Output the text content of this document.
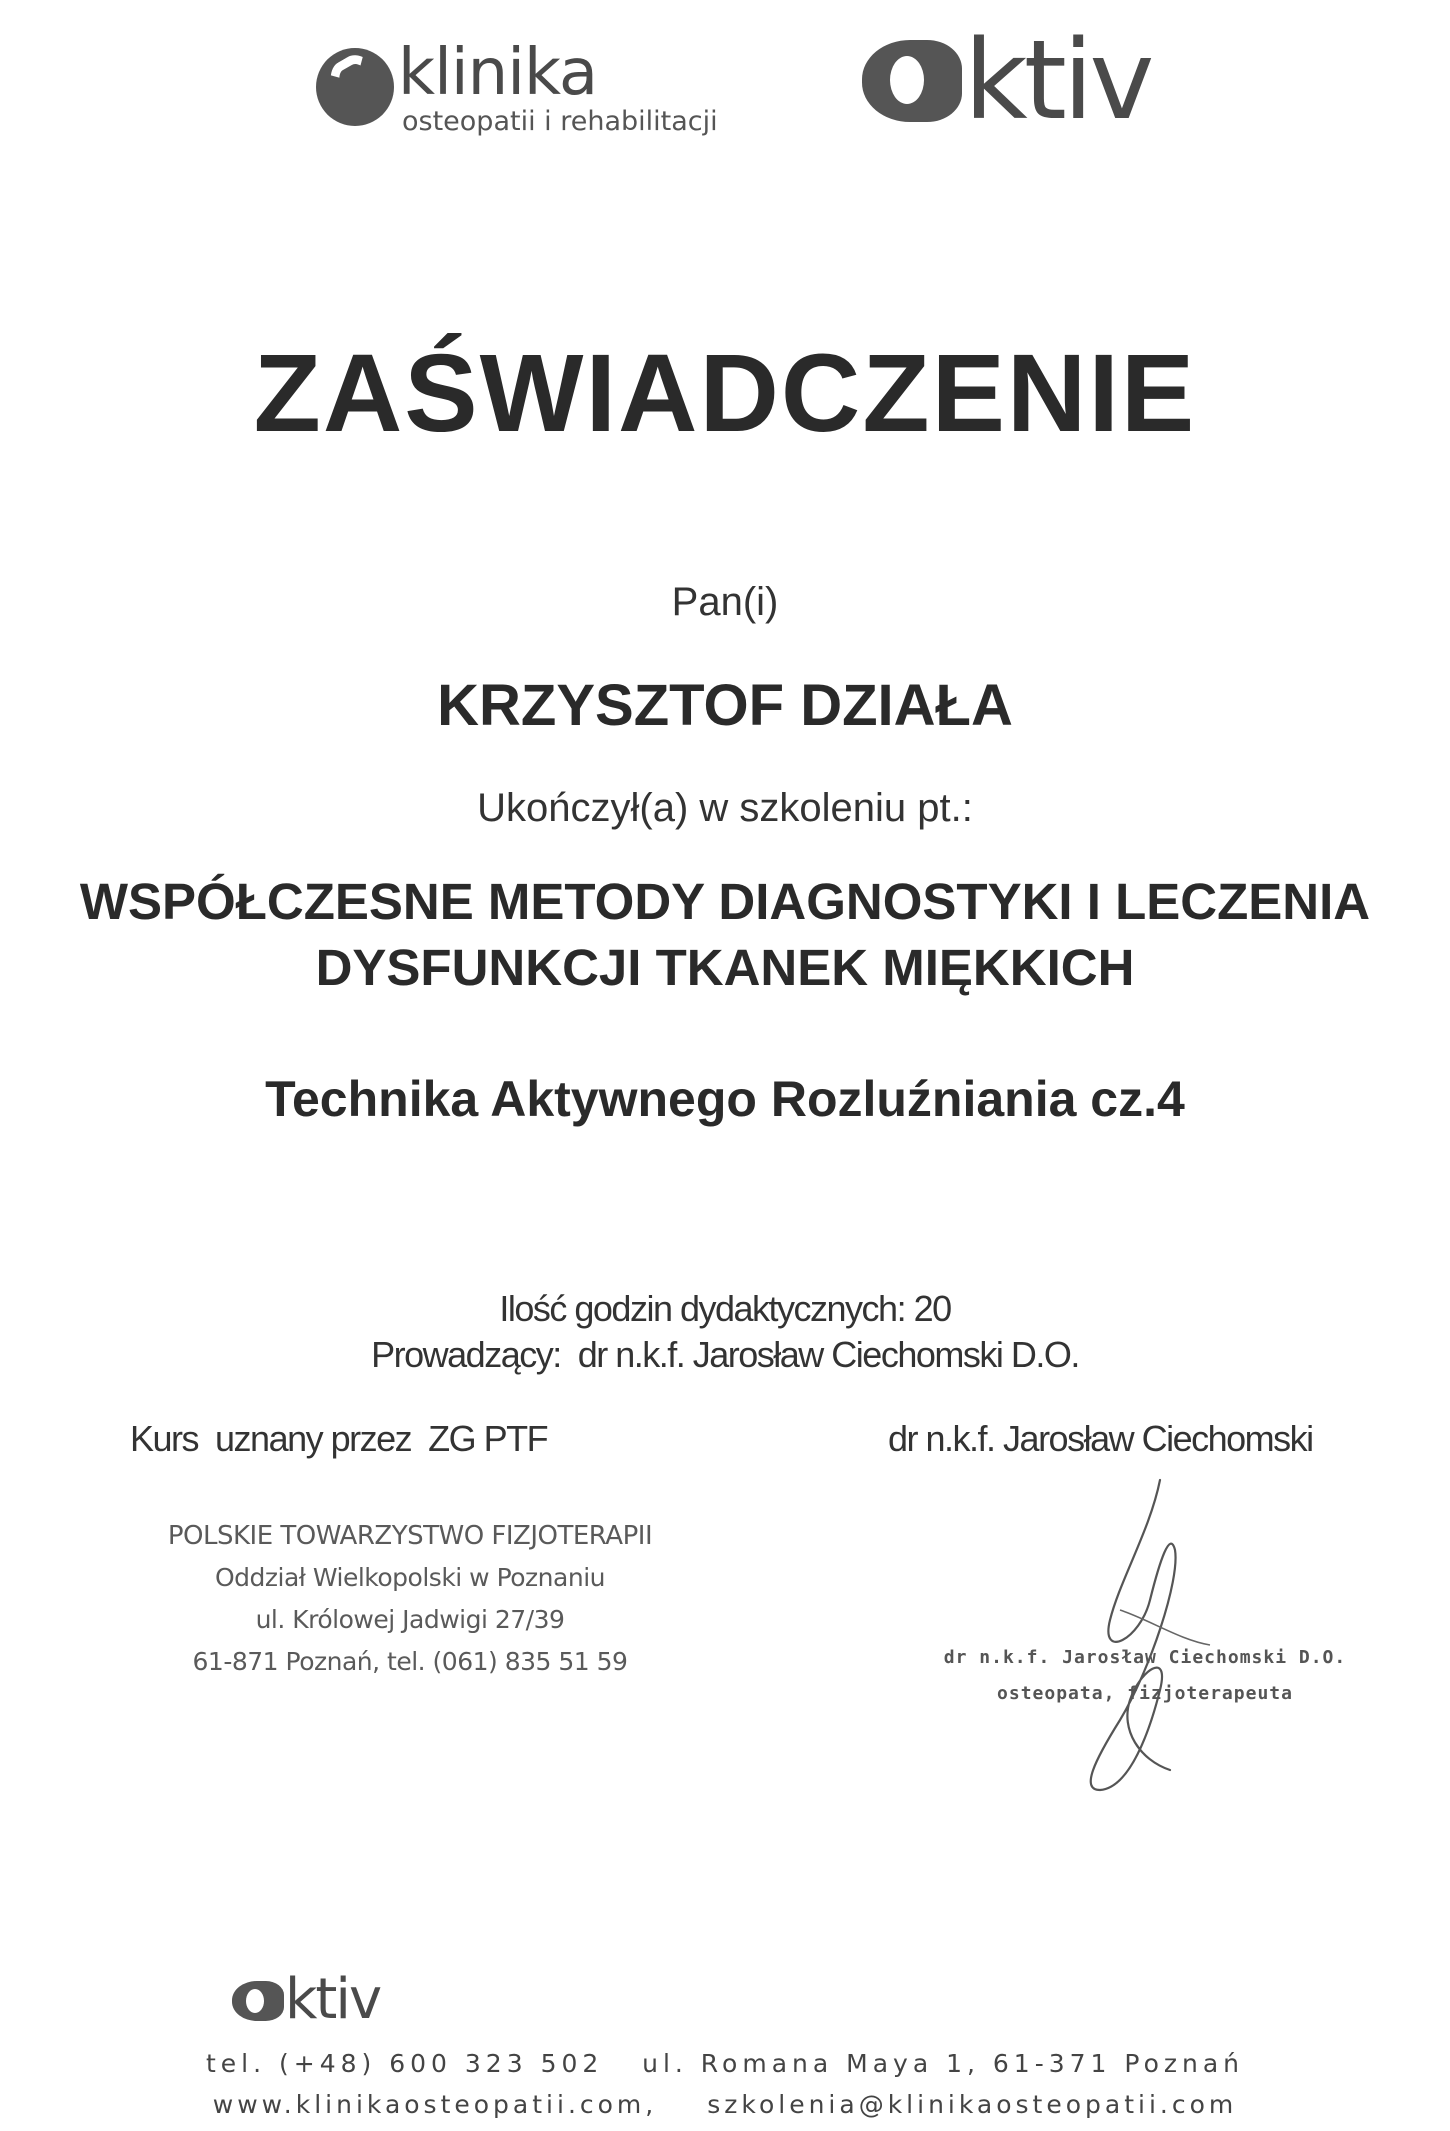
klinika
osteopatii i rehabilitacji	ktiv
ZAŚWIADCZENIE
Pan(i)
KRZYSZTOF DZIAŁA
Ukończył(a) w szkoleniu pt.:
WSPÓŁCZESNE METODY DIAGNOSTYKI I LECZENIA
DYSFUNKCJI TKANEK MIĘKKICH
Technika Aktywnego Rozluźniania cz.4
Ilość godzin dydaktycznych: 20
Prowadzący:  dr n.k.f. Jarosław Ciechomski D.O.
Kurs  uznany przez  ZG PTF	dr n.k.f. Jarosław Ciechomski
POLSKIE TOWARZYSTWO FIZJOTERAPII
Oddział Wielkopolski w Poznaniu
ul. Królowej Jadwigi 27/39
61-871 Poznań, tel. (061) 835 51 59	dr n.k.f. Jarosław Ciechomski D.O.
osteopata, fizjoterapeuta
ktiv
tel. (+48) 600 323 502   ul. Romana Maya 1, 61-371 Poznań
www.klinikaosteopatii.com, szkolenia@klinikaosteopatii.com
